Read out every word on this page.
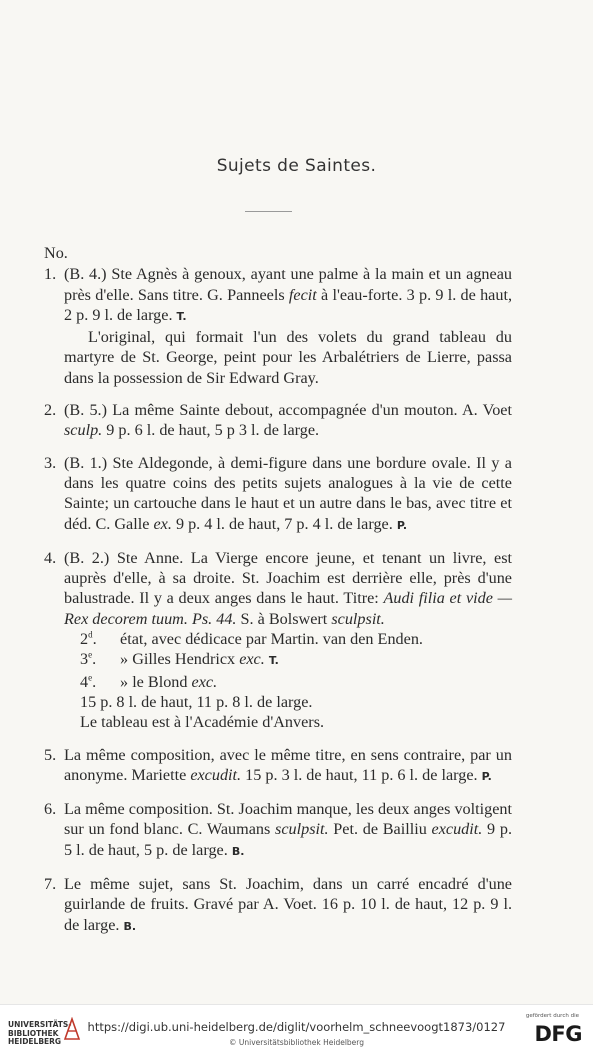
Sujets de Saintes.

No.

1. (B. 4.) Ste Agnès à genoux, ayant une palme à la main et un agneau près d'elle. Sans titre. G. Panneels fecit à l'eau-forte. 3 p. 9 l. de haut, 2 p. 9 l. de large. T.

L'original, qui formait l'un des volets du grand tableau du martyre de St. George, peint pour les Arbalétriers de Lierre, passa dans la possession de Sir Edward Gray.

2. (B. 5.) La même Sainte debout, accompagnée d'un mouton. A. Voet sculp. 9 p. 6 l. de haut, 5 p 3 l. de large.

3. (B. 1.) Ste Aldegonde, à demi-figure dans une bordure ovale. Il y a dans les quatre coins des petits sujets analogues à la vie de cette Sainte; un cartouche dans le haut et un autre dans le bas, avec titre et déd. C. Galle ex. 9 p. 4 l. de haut, 7 p. 4 l. de large. P.

4. (B. 2.) Ste Anne. La Vierge encore jeune, et tenant un livre, est auprès d'elle, à sa droite. St. Joachim est derrière elle, près d'une balustrade. Il y a deux anges dans le haut. Titre: Audi filia et vide — Rex decorem tuum. Ps. 44. S. à Bolswert sculpsit.

2$^d$. état, avec dédicace par Martin. van den Enden.

3e. » Gilles Hendricx exc. T.

4e. » le Blond exc.

15 p. 8 l. de haut, 11 p. 8 l. de large.

Le tableau est à l'Académie d'Anvers.

5. La même composition, avec le même titre, en sens contraire, par un anonyme. Mariette excudit. 15 p. 3 l. de haut, 11 p. 6 l. de large. P.

6. La même composition. St. Joachim manque, les deux anges voltigent sur un fond blanc. C. Waumans sculpsit. Pet. de Bailliu excudit. 9 p. 5 l. de haut, 5 p. de large. B.

7. Le même sujet, sans St. Joachim, dans un carré encadré d'une guirlande de fruits. Gravé par A. Voet. 16 p. 10 l. de haut, 12 p. 9 l. de large. B.

UNIVERSITÄTS-
BIBLIOTHEK
HEIDELBERG
https://digi.ub.uni-heidelberg.de/diglit/voorhelm_schneevoogt1873/0127
© Universitätsbibliothek Heidelberg
gefördert durch die
DFG
